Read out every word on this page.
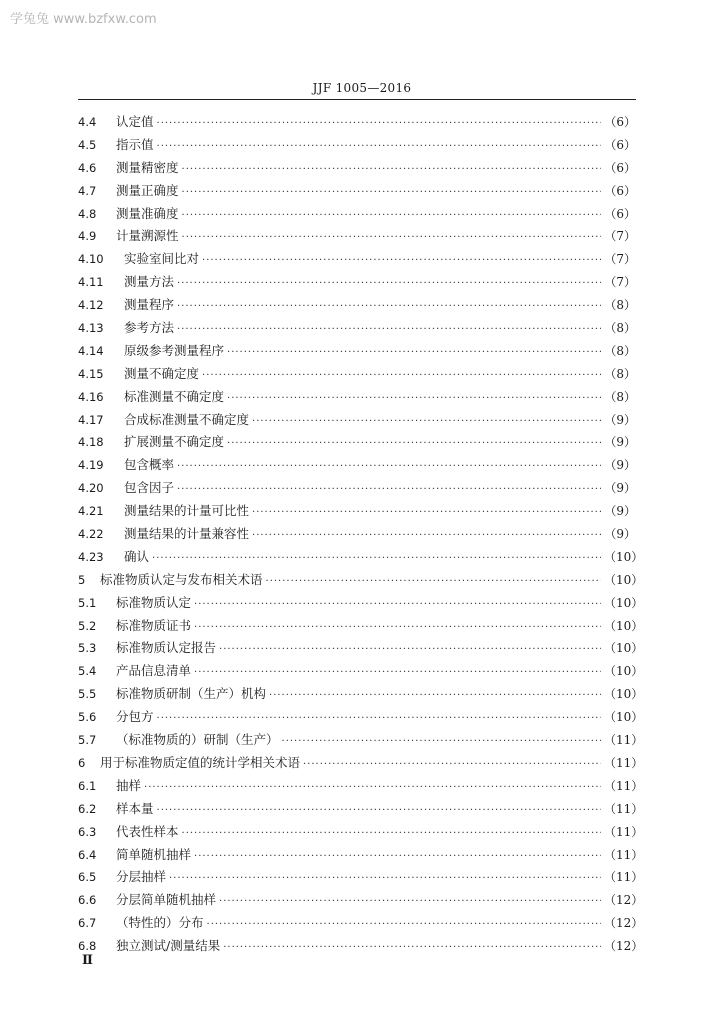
学兔兔 www.bzfxw.com
JJF 1005—2016
4.4	认定值 ·····	（6）
4.5	指示值 ·····	（6）
4.6	测量精密度 ·····	（6）
4.7	测量正确度 ·····	（6）
4.8	测量准确度 ·····	（6）
4.9	计量溯源性 ·····	（7）
4.10	实验室间比对 ·····	（7）
4.11	测量方法 ·····	（7）
4.12	测量程序 ·····	（8）
4.13	参考方法 ·····	（8）
4.14	原级参考测量程序 ·····	（8）
4.15	测量不确定度 ·····	（8）
4.16	标准测量不确定度 ·····	（8）
4.17	合成标准测量不确定度 ·····	（9）
4.18	扩展测量不确定度 ·····	（9）
4.19	包含概率 ·····	（9）
4.20	包含因子 ·····	（9）
4.21	测量结果的计量可比性 ·····	（9）
4.22	测量结果的计量兼容性 ·····	（9）
4.23	确认 ·····	（10）
5	标准物质认定与发布相关术语 ·····	（10）
5.1	标准物质认定 ·····	（10）
5.2	标准物质证书 ·····	（10）
5.3	标准物质认定报告 ·····	（10）
5.4	产品信息清单 ·····	（10）
5.5	标准物质研制（生产）机构 ·····	（10）
5.6	分包方 ·····	（10）
5.7	（标准物质的）研制（生产） ·····	（11）
6	用于标准物质定值的统计学相关术语 ·····	（11）
6.1	抽样 ·····	（11）
6.2	样本量 ·····	（11）
6.3	代表性样本 ·····	（11）
6.4	简单随机抽样 ·····	（11）
6.5	分层抽样 ·····	（11）
6.6	分层简单随机抽样 ·····	（12）
6.7	（特性的）分布 ·····	（12）
6.8	独立测试/测量结果 ·····	（12）
Ⅱ
